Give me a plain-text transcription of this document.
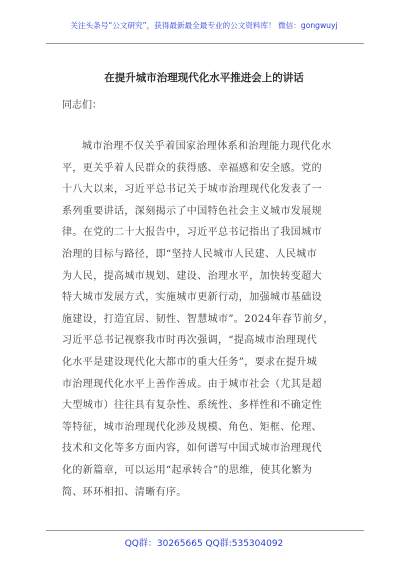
关注头条号“公文研究”，获得最新最全最专业的公文资料库！ 微信：gongwuyj
在提升城市治理现代化水平推进会上的讲话
同志们：
城市治理不仅关乎着国家治理体系和治理能力现代化水
平，更关乎着人民群众的获得感、幸福感和安全感。党的
十八大以来，习近平总书记关于城市治理现代化发表了一
系列重要讲话，深刻揭示了中国特色社会主义城市发展规
律。在党的二十大报告中，习近平总书记指出了我国城市
治理的目标与路径，即“坚持人民城市人民建、人民城市
为人民，提高城市规划、建设、治理水平，加快转变超大
特大城市发展方式，实施城市更新行动，加强城市基础设
施建设，打造宜居、韧性、智慧城市”。2024年春节前夕，
习近平总书记视察我市时再次强调，“提高城市治理现代
化水平是建设现代化大都市的重大任务”，要求在提升城
市治理现代化水平上善作善成。由于城市社会（尤其是超
大型城市）往往具有复杂性、系统性、多样性和不确定性
等特征，城市治理现代化涉及规模、角色、矩框、伦理、
技术和文化等多方面内容，如何谱写中国式城市治理现代
化的新篇章，可以运用“起承转合”的思维，使其化繁为
简、环环相扣、清晰有序。
QQ群：30265665 QQ群:535304092
